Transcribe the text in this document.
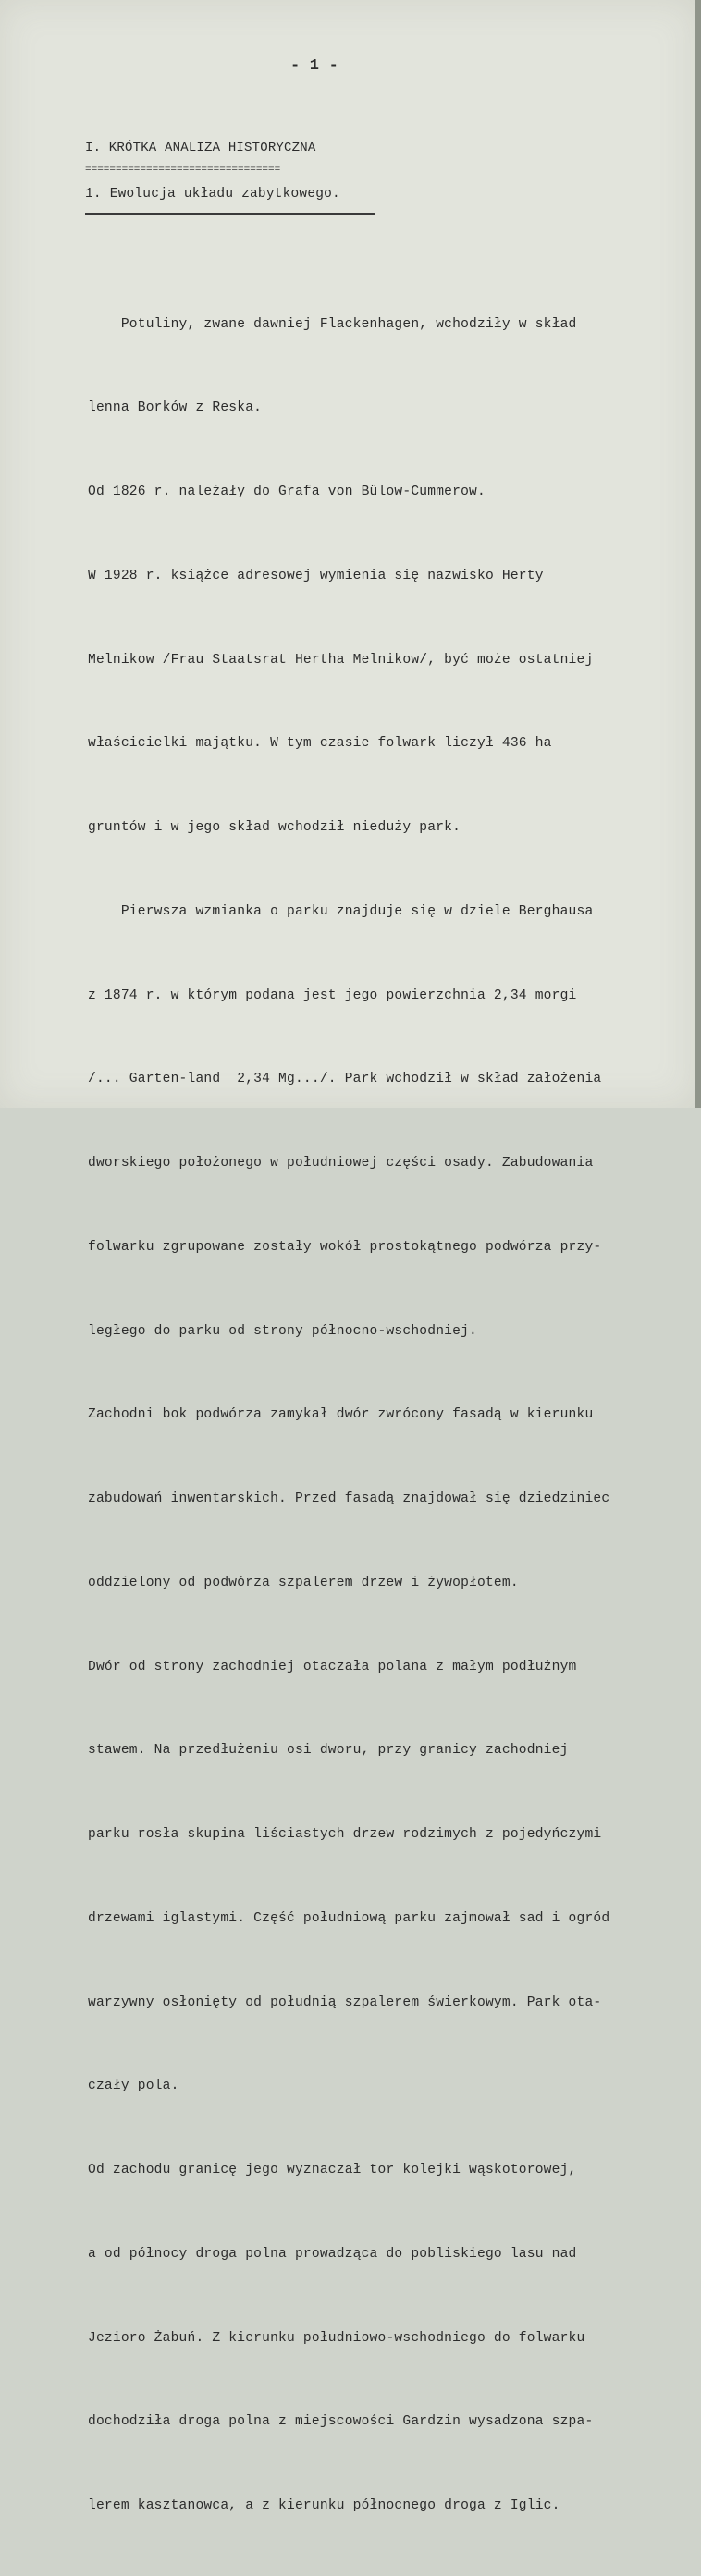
- 1 -
I. KRÓTKA ANALIZA HISTORYCZNA
================================
1. Ewolucja układu zabytkowego.

Potuliny, zwane dawniej Flackenhagen, wchodziły w skład

lenna Borków z Reska.

Od 1826 r. należały do Grafa von Bülow-Cummerow.

W 1928 r. książce adresowej wymienia się nazwisko Herty

Melnikow /Frau Staatsrat Hertha Melnikow/, być może ostatniej

właścicielki majątku. W tym czasie folwark liczył 436 ha

gruntów i w jego skład wchodził nieduży park.

Pierwsza wzmianka o parku znajduje się w dziele Berghausa

z 1874 r. w którym podana jest jego powierzchnia 2,34 morgi

/... Garten-land  2,34 Mg.../. Park wchodził w skład założenia

dworskiego położonego w południowej części osady. Zabudowania

folwarku zgrupowane zostały wokół prostokątnego podwórza przy-

ległego do parku od strony północno-wschodniej.

Zachodni bok podwórza zamykał dwór zwrócony fasadą w kierunku

zabudowań inwentarskich. Przed fasadą znajdował się dziedziniec

oddzielony od podwórza szpalerem drzew i żywopłotem.

Dwór od strony zachodniej otaczała polana z małym podłużnym

stawem. Na przedłużeniu osi dworu, przy granicy zachodniej

parku rosła skupina liściastych drzew rodzimych z pojedyńczymi

drzewami iglastymi. Część południową parku zajmował sad i ogród

warzywny osłonięty od południą szpalerem świerkowym. Park ota-

czały pola.

Od zachodu granicę jego wyznaczał tor kolejki wąskotorowej,

a od północy droga polna prowadząca do pobliskiego lasu nad

Jezioro Żabuń. Z kierunku południowo-wschodniego do folwarku

dochodziła droga polna z miejscowości Gardzin wysadzona szpa-

lerem kasztanowca, a z kierunku północnego droga z Iglic.
